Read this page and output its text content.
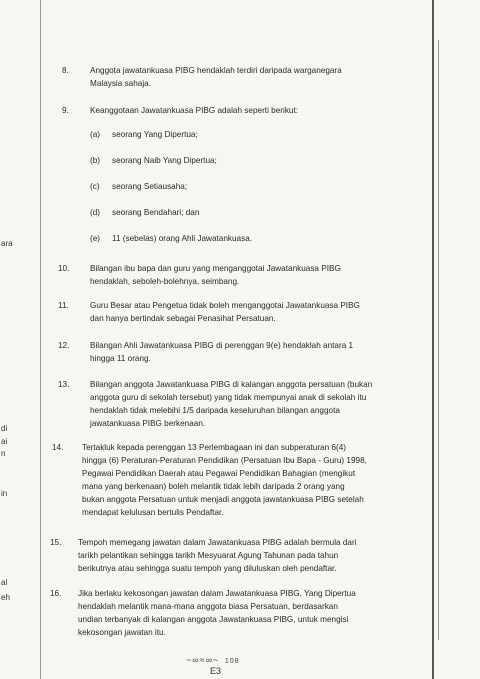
ara
di
ai
n
in
al
eh
8.	Anggota jawatankuasa PIBG hendaklah terdiri daripada warganegara
Malaysia sahaja.
9.	Keanggotaan Jawatankuasa PIBG adalah seperti berikut:
(a)	seorang Yang Dipertua;
(b)	seorang Naib Yang Dipertua;
(c)	seorang Setiausaha;
(d)	seorang Bendahari; dan
(e)	11 (sebelas) orang Ahli Jawatankuasa.
10.	Bilangan ibu bapa dan guru yang menganggotai Jawatankuasa PIBG
hendaklah, seboleh-bolehnya, seimbang.
11.	Guru Besar atau Pengetua tidak boleh menganggotai Jawatankuasa PIBG
dan hanya bertindak sebagai Penasihat Persatuan.
12.	Bilangan Ahli Jawatankuasa PIBG di perenggan 9(e) hendaklah antara 1
hingga 11 orang.
13.	Bilangan anggota Jawatankuasa PIBG di kalangan anggota persatuan (bukan
anggota guru di sekolah tersebut) yang tidak mempunyai anak di sekolah itu
hendaklah tidak melebihi 1/5 daripada keseluruhan bilangan anggota
jawatankuasa PIBG berkenaan.
14.	Tertakluk kepada perenggan 13 Perlembagaan ini dan subperaturan 6(4)
hingga (6) Peraturan-Peraturan Pendidikan (Persatuan Ibu Bapa - Guru) 1998,
Pegawai Pendidikan Daerah atau Pegawai Pendidikan Bahagian (mengikut
mana yang berkenaan) boleh melantik tidak lebih daripada 2 orang yang
bukan anggota Persatuan untuk menjadi anggota jawatankuasa PIBG setelah
mendapat kelulusan bertulis Pendaftar.
15.	Tempoh memegang jawatan dalam Jawatankuasa PIBG adalah bermula dari
tarikh pelantikan sehingga tarikh Mesyuarat Agung Tahunan pada tahun
berikutnya atau sehingga suatu tempoh yang diluluskan oleh pendaftar.
16.	Jika berlaku kekosongan jawatan dalam Jawatankuasa PIBG, Yang Dipertua
hendaklah melantik mana-mana anggota biasa Persatuan, berdasarkan
undian terbanyak di kalangan anggota Jawatankuasa PIBG, untuk mengisi
kekosongan jawatan itu.
~∞≈∞~ 108
E3
